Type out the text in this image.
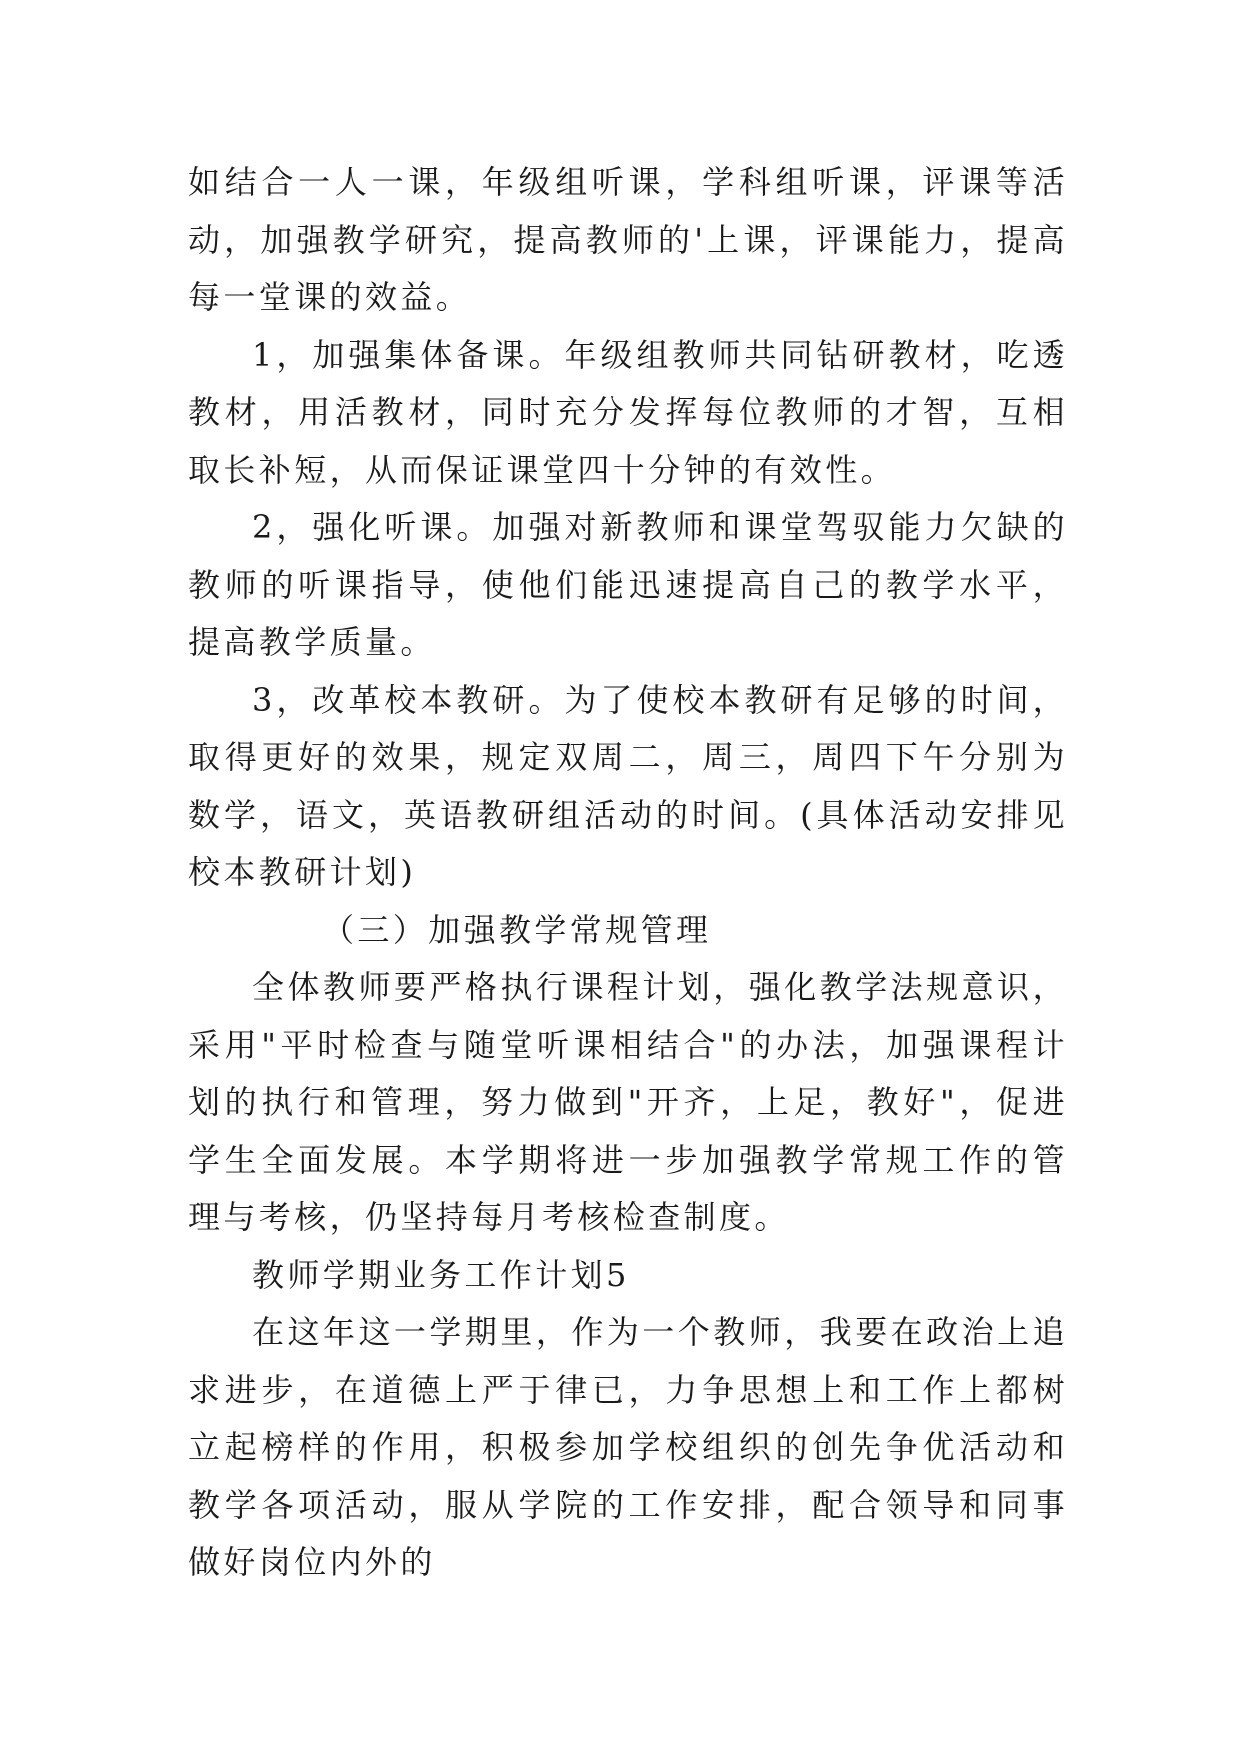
如结合一人一课，年级组听课，学科组听课，评课等活动，加强教学研究，提高教师的'上课，评课能力，提高每一堂课的效益。

1，加强集体备课。年级组教师共同钻研教材，吃透教材，用活教材，同时充分发挥每位教师的才智，互相取长补短，从而保证课堂四十分钟的有效性。

2，强化听课。加强对新教师和课堂驾驭能力欠缺的教师的听课指导，使他们能迅速提高自己的教学水平，提高教学质量。

3，改革校本教研。为了使校本教研有足够的时间，取得更好的效果，规定双周二，周三，周四下午分别为数学，语文，英语教研组活动的时间。(具体活动安排见校本教研计划)

（三）加强教学常规管理

全体教师要严格执行课程计划，强化教学法规意识，采用"平时检查与随堂听课相结合"的办法，加强课程计划的执行和管理，努力做到"开齐，上足，教好"，促进学生全面发展。本学期将进一步加强教学常规工作的管理与考核，仍坚持每月考核检查制度。

教师学期业务工作计划5

在这年这一学期里，作为一个教师，我要在政治上追求进步，在道德上严于律已，力争思想上和工作上都树立起榜样的作用，积极参加学校组织的创先争优活动和教学各项活动，服从学院的工作安排，配合领导和同事做好岗位内外的
